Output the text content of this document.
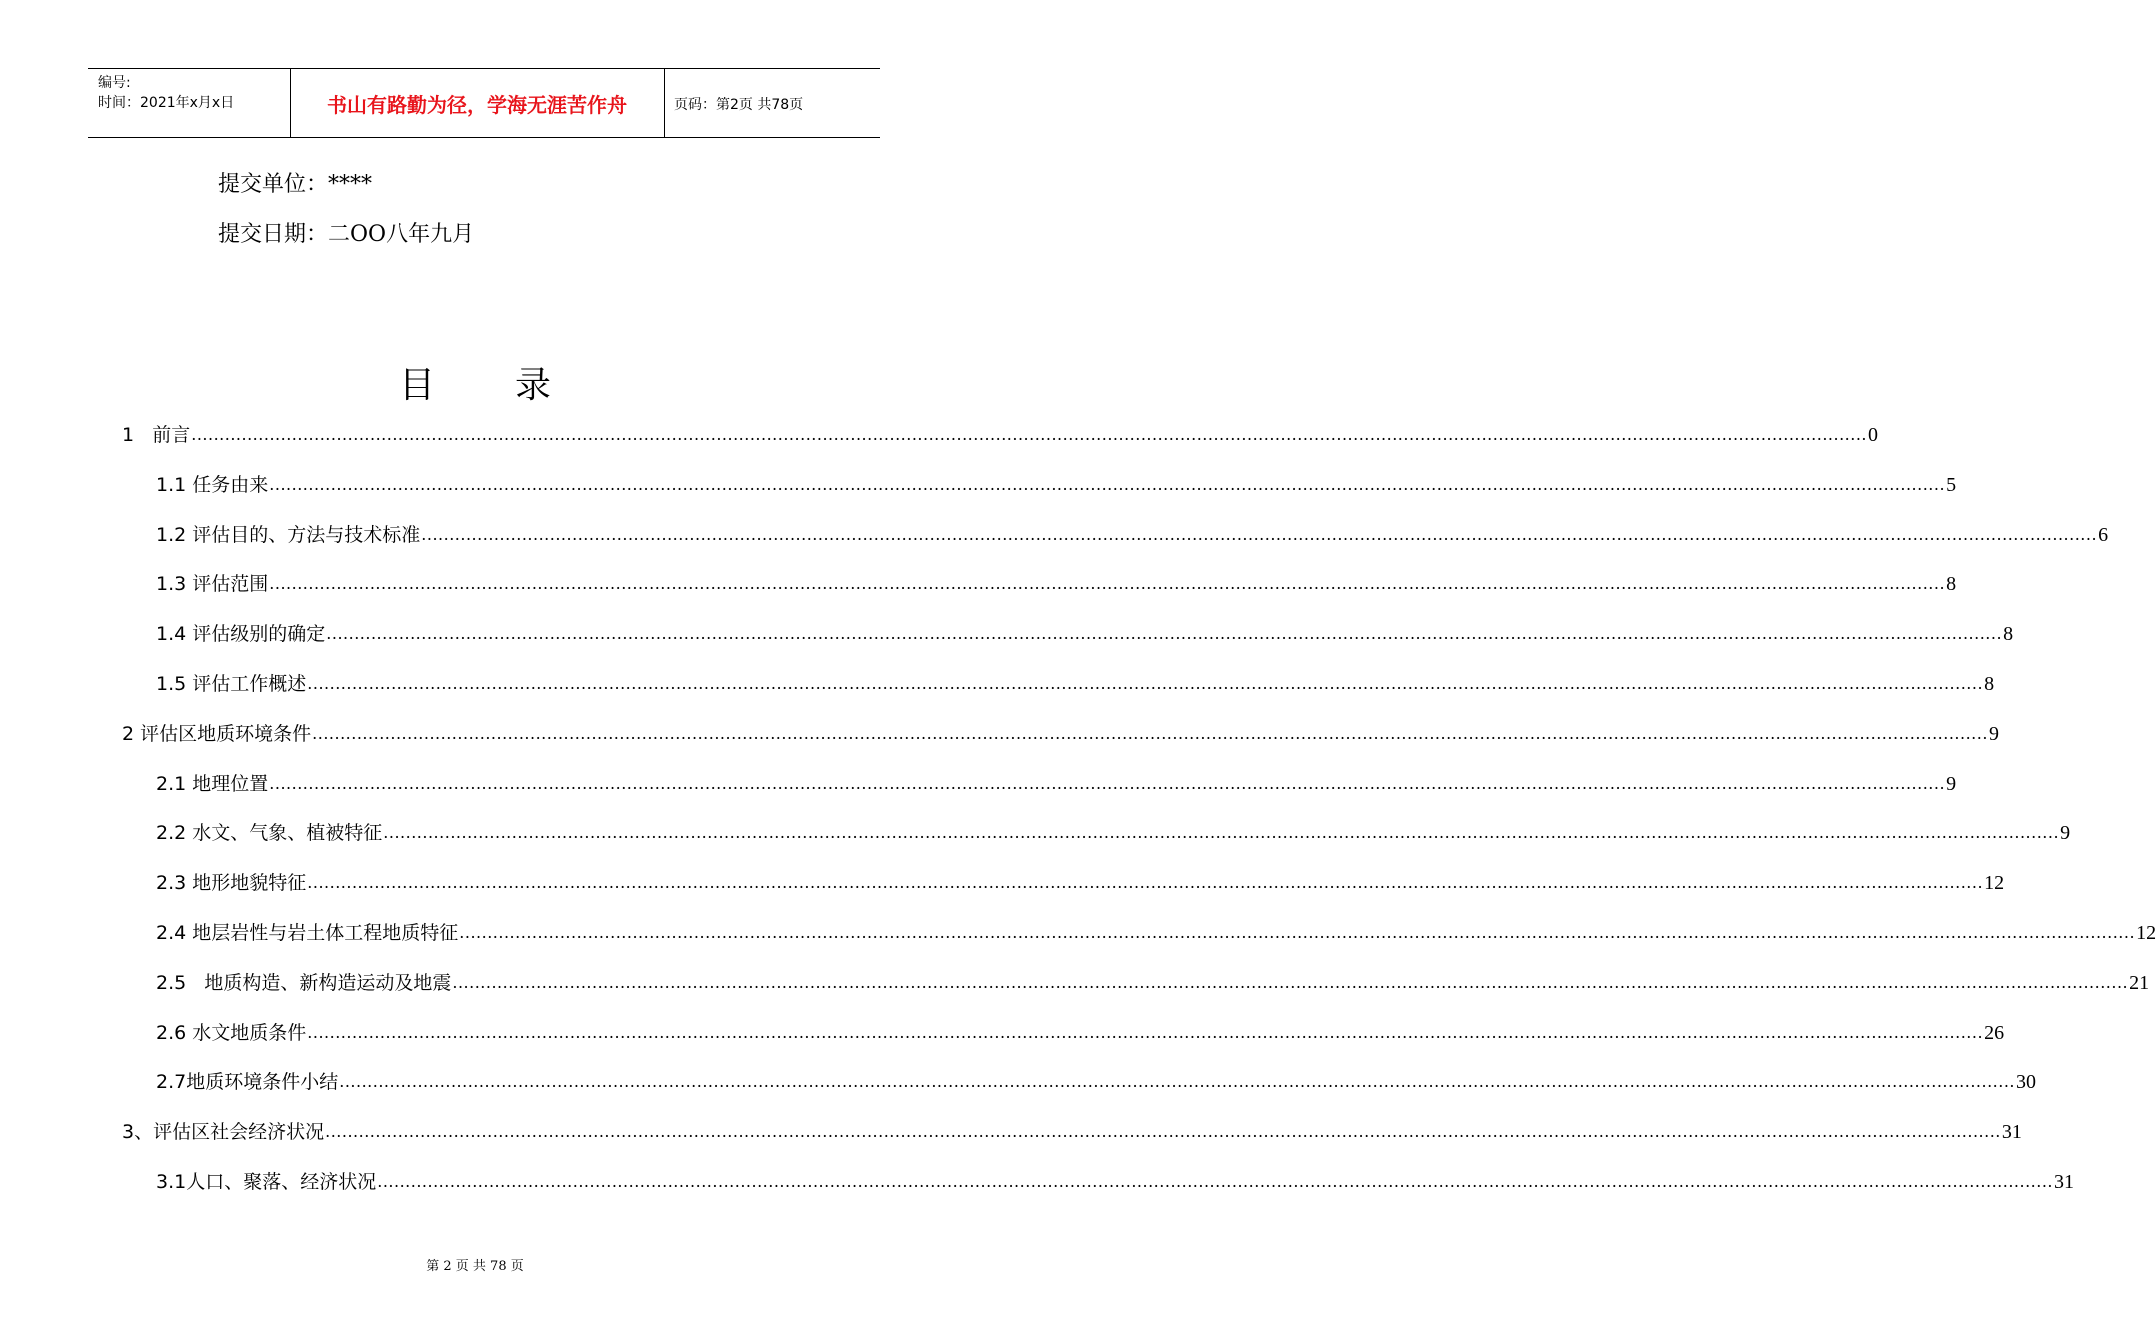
编号:
时间：2021年x月x日	书山有路勤为径，学海无涯苦作舟	页码：第2页 共78页
提交单位：****
提交日期：二OO八年九月
目 录
1 前言 ............................................................................................................................................................................................................................................................................................................ 0
1.1 任务由来 ............................................................................................................................................................................................................................................................................................................ 5
1.2 评估目的、方法与技术标准 ............................................................................................................................................................................................................................................................................................................ 6
1.3 评估范围 ............................................................................................................................................................................................................................................................................................................ 8
1.4 评估级别的确定 ............................................................................................................................................................................................................................................................................................................ 8
1.5 评估工作概述 ............................................................................................................................................................................................................................................................................................................ 8
2 评估区地质环境条件 ............................................................................................................................................................................................................................................................................................................ 9
2.1 地理位置 ............................................................................................................................................................................................................................................................................................................ 9
2.2 水文、气象、植被特征 ............................................................................................................................................................................................................................................................................................................ 9
2.3 地形地貌特征 ............................................................................................................................................................................................................................................................................................................ 12
2.4 地层岩性与岩土体工程地质特征 ............................................................................................................................................................................................................................................................................................................ 12
2.5 地质构造、新构造运动及地震 ............................................................................................................................................................................................................................................................................................................ 21
2.6 水文地质条件 ............................................................................................................................................................................................................................................................................................................ 26
2.7 地质环境条件小结 ............................................................................................................................................................................................................................................................................................................ 30
3、 评估区社会经济状况 ............................................................................................................................................................................................................................................................................................................ 31
3.1 人口、聚落、经济状况 ............................................................................................................................................................................................................................................................................................................ 31
第 2 页 共 78 页
